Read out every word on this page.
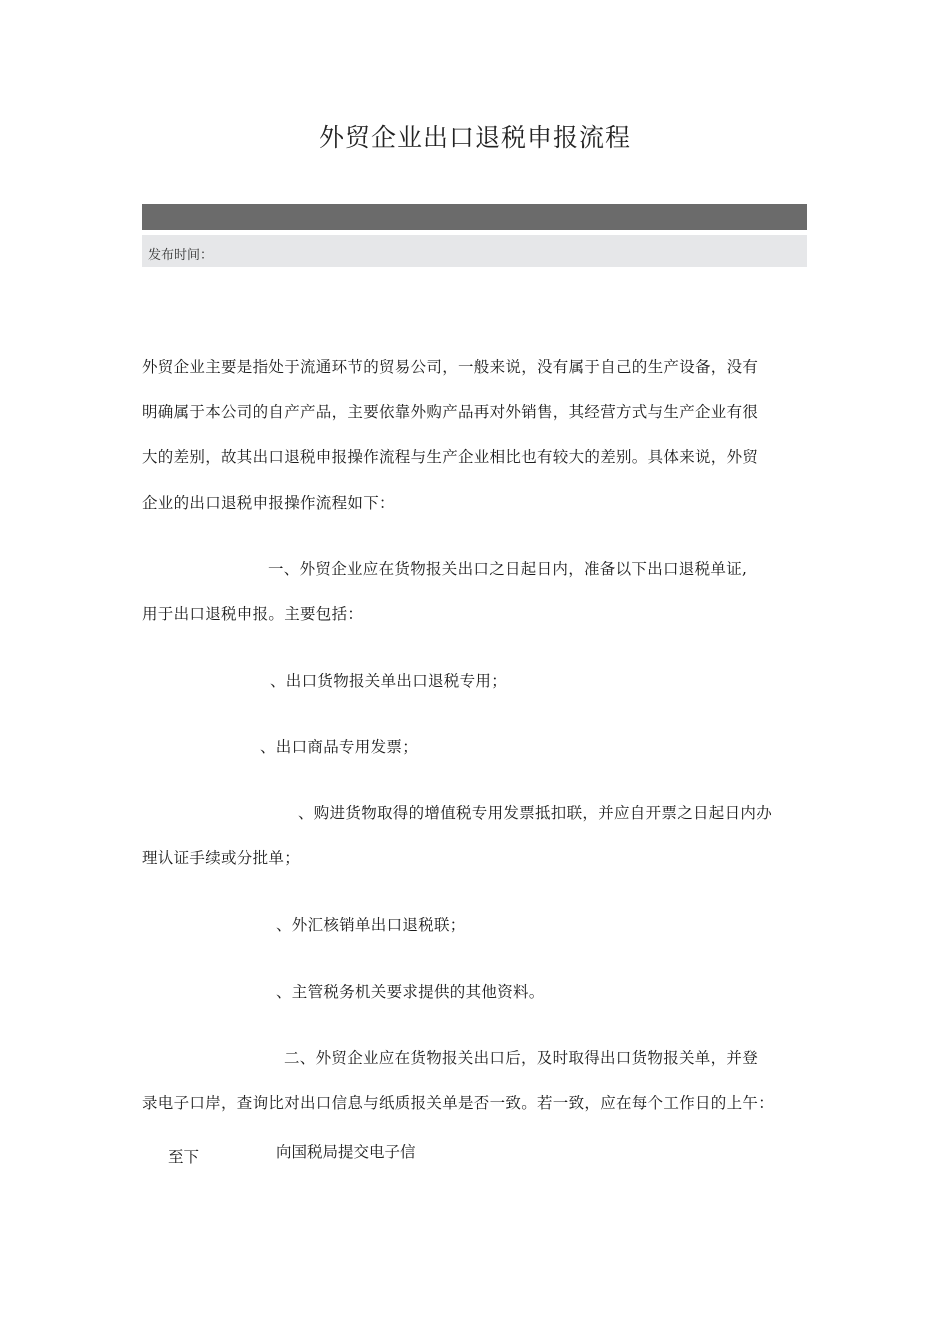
外贸企业出口退税申报流程
发布时间：
外贸企业主要是指处于流通环节的贸易公司，一般来说，没有属于自己的生产设备，没有
明确属于本公司的自产产品，主要依靠外购产品再对外销售，其经营方式与生产企业有很
大的差别，故其出口退税申报操作流程与生产企业相比也有较大的差别。具体来说，外贸
企业的出口退税申报操作流程如下：
一、外贸企业应在货物报关出口之日起日内，准备以下出口退税单证,
用于出口退税申报。主要包括：
、出口货物报关单出口退税专用；
、出口商品专用发票；
、购进货物取得的增值税专用发票抵扣联，并应自开票之日起日内办
理认证手续或分批单；
、外汇核销单出口退税联；
、主管税务机关要求提供的其他资料。
二、外贸企业应在货物报关出口后，及时取得出口货物报关单，并登
录电子口岸，查询比对出口信息与纸质报关单是否一致。若一致，应在每个工作日的上午：
至下	向国税局提交电子信
